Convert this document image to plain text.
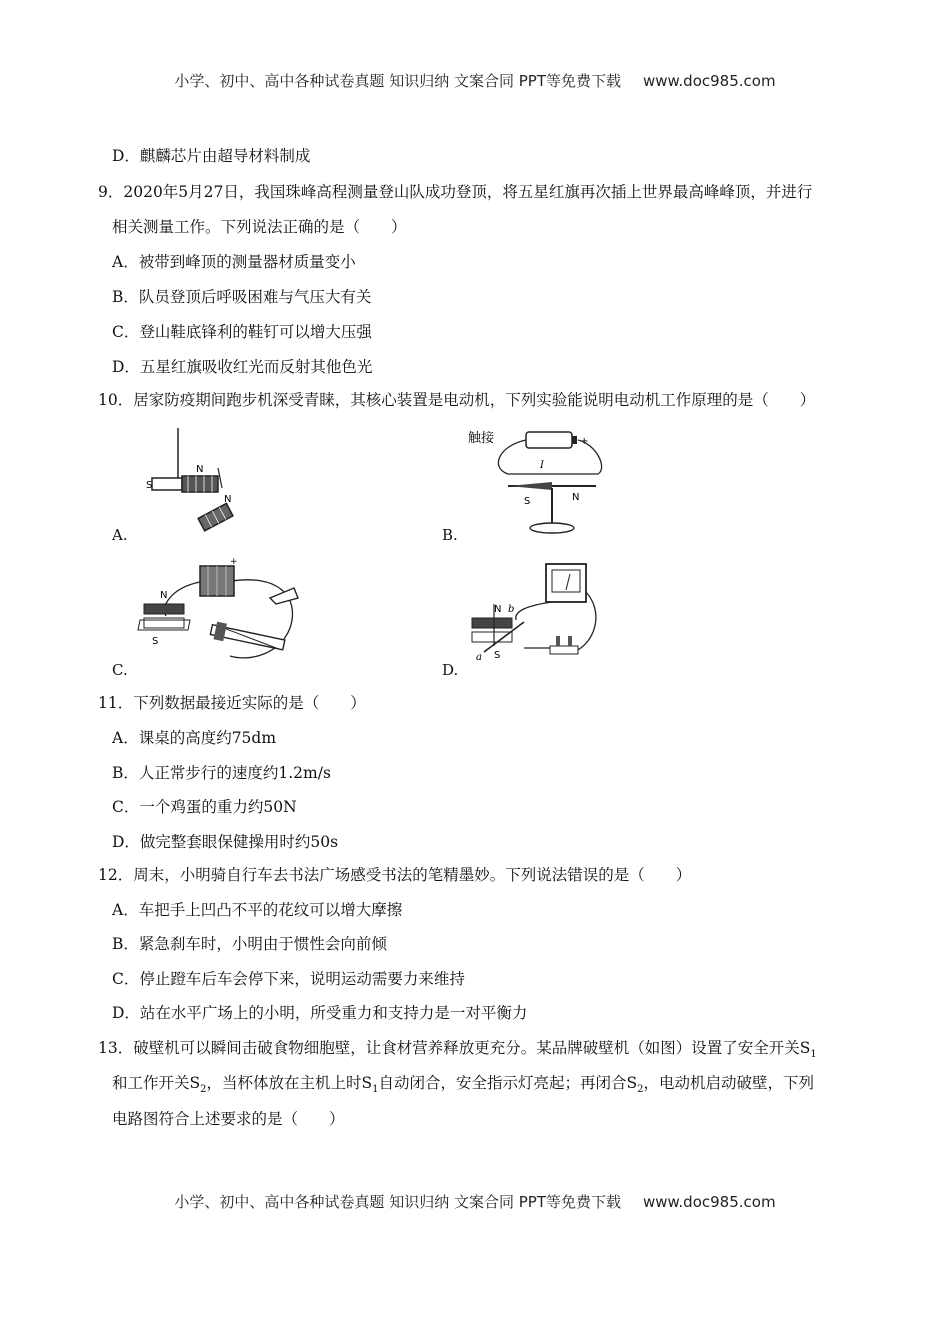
小学、初中、高中各种试卷真题 知识归纳 文案合同 PPT等免费下载 www.doc985.com
D．麒麟芯片由超导材料制成
9．2020年5月27日，我国珠峰高程测量登山队成功登顶，将五星红旗再次插上世界最高峰峰顶，并进行
相关测量工作。下列说法正确的是（　　）
A．被带到峰顶的测量器材质量变小
B．队员登顶后呼吸困难与气压大有关
C．登山鞋底锋利的鞋钉可以增大压强
D．五星红旗吸收红光而反射其他色光
10．居家防疫期间跑步机深受青睐，其核心装置是电动机，下列实验能说明电动机工作原理的是（　　）
S
N
N
A.
触接	+
I
S	N
B.
+
N
S
C.
N b
a S
D.
11．下列数据最接近实际的是（　　）
A．课桌的高度约75dm
B．人正常步行的速度约1.2m/s
C．一个鸡蛋的重力约50N
D．做完整套眼保健操用时约50s
12．周末，小明骑自行车去书法广场感受书法的笔精墨妙。下列说法错误的是（　　）
A．车把手上凹凸不平的花纹可以增大摩擦
B．紧急刹车时，小明由于惯性会向前倾
C．停止蹬车后车会停下来，说明运动需要力来维持
D．站在水平广场上的小明，所受重力和支持力是一对平衡力
13．破壁机可以瞬间击破食物细胞壁，让食材营养释放更充分。某品牌破壁机（如图）设置了安全开关$S_1$
和工作开关$S_2$，当杯体放在主机上时$S_1$自动闭合，安全指示灯亮起；再闭合$S_2$，电动机启动破壁，下列
电路图符合上述要求的是（　　）
小学、初中、高中各种试卷真题 知识归纳 文案合同 PPT等免费下载 www.doc985.com
